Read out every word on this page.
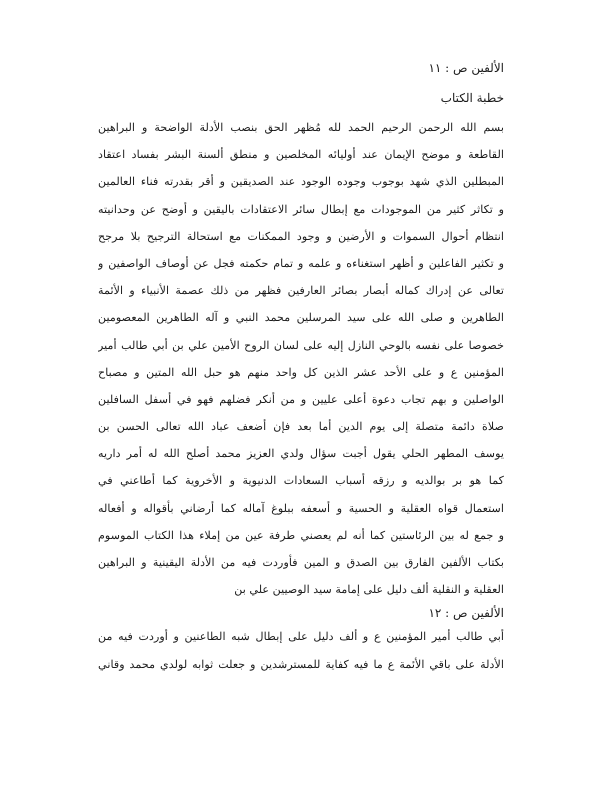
الألفين ص : ١١
خطبة الكتاب
بسم الله الرحمن الرحيم الحمد لله مُظهر الحق بنصب الأدلة الواضحة و البراهين
القاطعة و موضح الإيمان عند أوليائه المخلصين و منطق ألسنة البشر بفساد اعتقاد
المبطلين الذي شهد بوجوب وجوده الوجود عند الصديقين و أقر بقدرته فناء العالمين
و تكاثر كثير من الموجودات مع إبطال سائر الاعتقادات باليقين و أوضح عن وحدانيته
انتظام أحوال السموات و الأرضين و وجود الممكنات مع استحالة الترجيح بلا مرجح
و تكثير الفاعلين و أظهر استغناءه و علمه و تمام حكمته فجل عن أوصاف الواصفين و
تعالى عن إدراك كماله أبصار بصائر العارفين فظهر من ذلك عصمة الأنبياء و الأئمة
الطاهرين و صلى الله على سيد المرسلين محمد النبي و آله الطاهرين المعصومين
خصوصا على نفسه بالوحي النازل إليه على لسان الروح الأمين علي بن أبي طالب أمير
المؤمنين ع و على الأحد عشر الذين كل واحد منهم هو حبل الله المتين و مصباح
الواصلين و بهم تجاب دعوة أعلى عليين و من أنكر فضلهم فهو في أسفل السافلين
صلاة دائمة متصلة إلى يوم الدين أما بعد فإن أضعف عباد الله تعالى الحسن بن
يوسف المطهر الحلي يقول أجبت سؤال ولدي العزيز محمد أصلح الله له أمر داريه
كما هو بر بوالديه و رزقه أسباب السعادات الدنيوية و الأخروية كما أطاعني في
استعمال قواه العقلية و الحسية و أسعفه ببلوغ آماله كما أرضاني بأقواله و أفعاله
و جمع له بين الرئاستين كما أنه لم يعصني طرفة عين من إملاء هذا الكتاب الموسوم
بكتاب الألفين الفارق بين الصدق و المين فأوردت فيه من الأدلة اليقينية و البراهين
العقلية و النقلية ألف دليل على إمامة سيد الوصيين علي بن
الألفين ص : ١٢
أبي طالب أمير المؤمنين ع و ألف دليل على إبطال شبه الطاعنين و أوردت فيه من
الأدلة على باقي الأئمة ع ما فيه كفاية للمسترشدين و جعلت ثوابه لولدي محمد وقاني
